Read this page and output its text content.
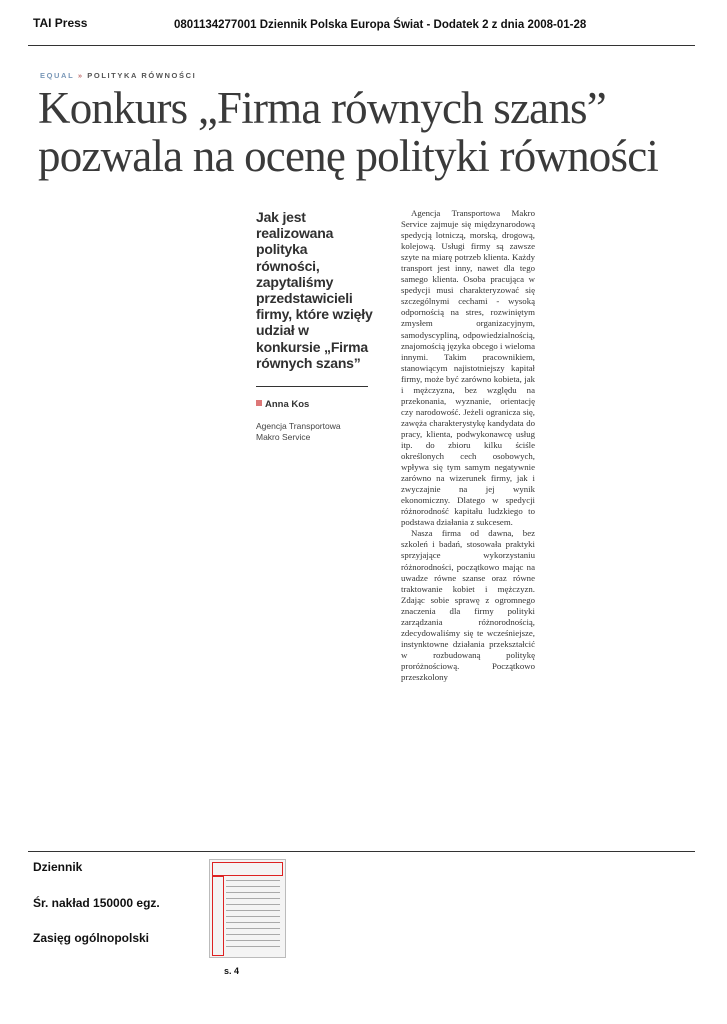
TAI Press	0801134277001 Dziennik Polska Europa Świat - Dodatek 2 z dnia 2008-01-28
EQUAL » POLITYKA RÓWNOŚCI
Konkurs „Firma równych szans”
pozwala na ocenę polityki równości
Jak jest realizowana polityka równości, zapytaliśmy przedstawicieli firmy, które wzięły udział w konkursie „Firma równych szans”
Anna Kos
Agencja Transportowa Makro Service

Agencja Transportowa Makro Service zajmuje się międzynarodową spedycją lotniczą, morską, drogową, kolejową. Usługi firmy są zawsze szyte na miarę potrzeb klienta. Każdy transport jest inny, nawet dla tego samego klienta. Osoba pracująca w spedycji musi charakteryzować się szczególnymi cechami - wysoką odpornością na stres, rozwiniętym zmysłem organizacyjnym, samodyscypliną, odpowiedzialnością, znajomością języka obcego i wieloma innymi. Takim pracownikiem, stanowiącym najistotniejszy kapitał firmy, może być zarówno kobieta, jak i mężczyzna, bez względu na przekonania, wyznanie, orientację czy narodowość. Jeżeli ogranicza się, zawęża charakterystykę kandydata do pracy, klienta, podwykonawcę usług itp. do zbioru kilku ściśle określonych cech osobowych, wpływa się tym samym negatywnie zarówno na wizerunek firmy, jak i zwyczajnie na jej wynik ekonomiczny. Dlatego w spedycji różnorodność kapitału ludzkiego to podstawa działania z sukcesem.

Nasza firma od dawna, bez szkoleń i badań, stosowała praktyki sprzyjające wykorzystaniu różnorodności, początkowo mając na uwadze równe szanse oraz równe traktowanie kobiet i mężczyzn. Zdając sobie sprawę z ogromnego znaczenia dla firmy polityki zarządzania różnorodnością, zdecydowaliśmy się te wcześniejsze, instynktowne działania przekształcić w rozbudowaną politykę proróżnościową. Początkowo przeszkolony

Dziennik
Śr. nakład 150000 egz.
Zasięg ogólnopolski
s. 4
